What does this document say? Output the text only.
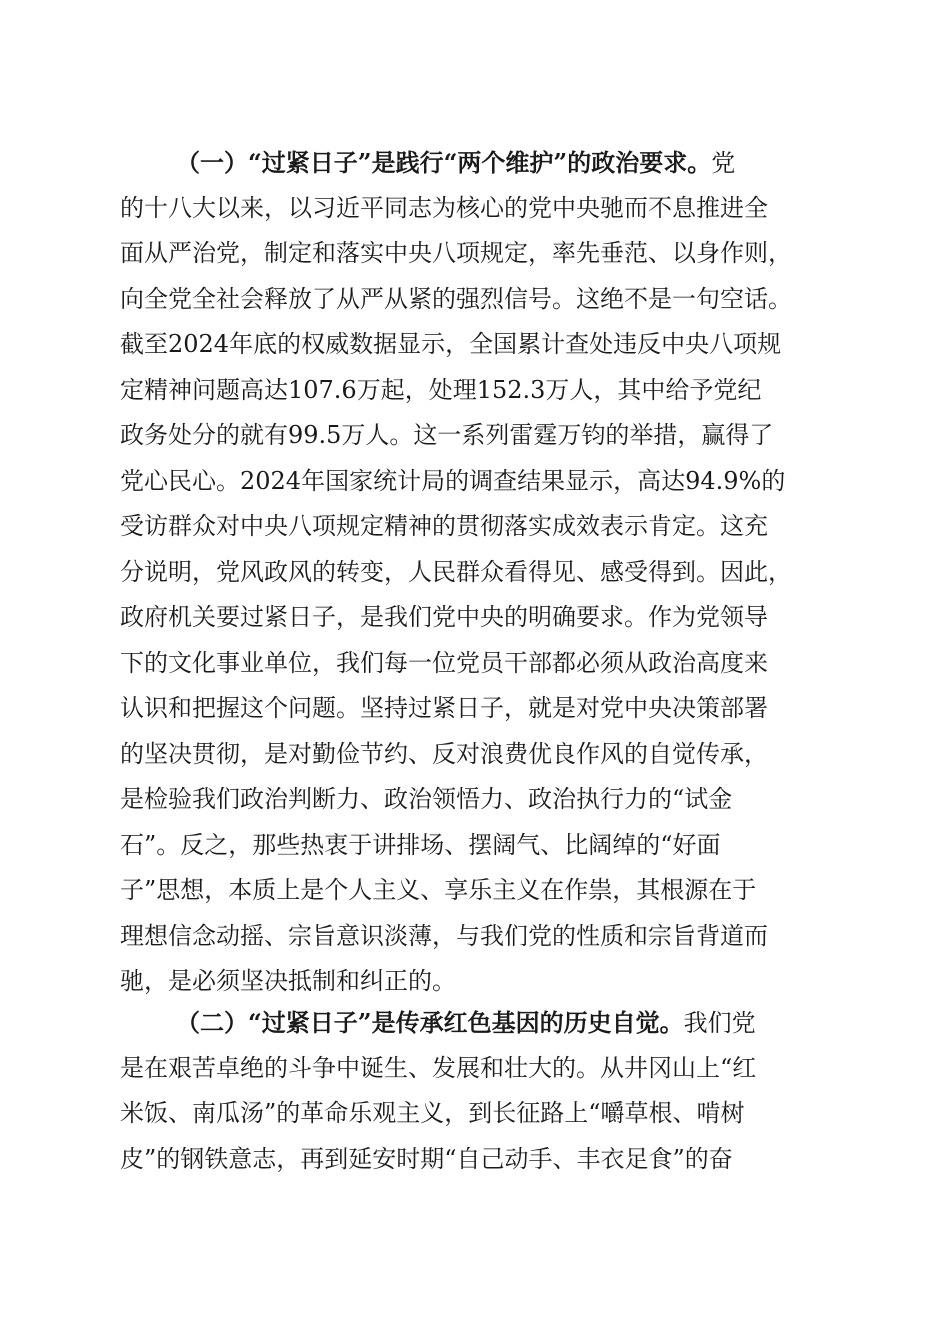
（一）“过紧日子”是践行“两个维护”的政治要求。党
的十八大以来，以习近平同志为核心的党中央驰而不息推进全
面从严治党，制定和落实中央八项规定，率先垂范、以身作则，
向全党全社会释放了从严从紧的强烈信号。这绝不是一句空话。
截至2024年底的权威数据显示，全国累计查处违反中央八项规
定精神问题高达107.6万起，处理152.3万人，其中给予党纪
政务处分的就有99.5万人。这一系列雷霆万钧的举措，赢得了
党心民心。2024年国家统计局的调查结果显示，高达94.9%的
受访群众对中央八项规定精神的贯彻落实成效表示肯定。这充
分说明，党风政风的转变，人民群众看得见、感受得到。因此，
政府机关要过紧日子，是我们党中央的明确要求。作为党领导
下的文化事业单位，我们每一位党员干部都必须从政治高度来
认识和把握这个问题。坚持过紧日子，就是对党中央决策部署
的坚决贯彻，是对勤俭节约、反对浪费优良作风的自觉传承，
是检验我们政治判断力、政治领悟力、政治执行力的“试金
石”。反之，那些热衷于讲排场、摆阔气、比阔绰的“好面
子”思想，本质上是个人主义、享乐主义在作祟，其根源在于
理想信念动摇、宗旨意识淡薄，与我们党的性质和宗旨背道而
驰，是必须坚决抵制和纠正的。
（二）“过紧日子”是传承红色基因的历史自觉。我们党
是在艰苦卓绝的斗争中诞生、发展和壮大的。从井冈山上“红
米饭、南瓜汤”的革命乐观主义，到长征路上“嚼草根、啃树
皮”的钢铁意志，再到延安时期“自己动手、丰衣足食”的奋
